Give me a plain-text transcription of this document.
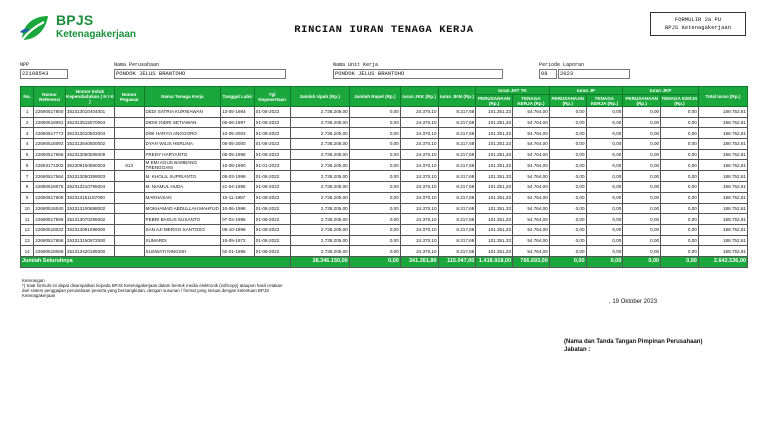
BPJS
Ketenagakerjaan	RINCIAN IURAN TENAGA KERJA
FORMULIR 2a PU
BPJS Ketenagakerjaan
NPP
22108543
Nama Perusahaan
PONDOK JELUS BRANTOHO
Nama Unit Kerja
PONDOK JELUS BRANTOHO
Periode Laporan
08	2023
No.	Nomor Referensi	Nomor Induk Kependudukan ( N I K )	Nomor Pegawai	Nama Tenaga Kerja	Tanggal Lahir	Tgl Kepesertaan	Jumlah Upah (Rp.)	Jumlah Rapel (Rp.)	Iuran JKK (Rp.)	Iuran JKM (Rp.)	Iuran JHT TK		Iuran JP		Iuran JKP		Total Iuran (Rp.)
											PERUSAHAAN (Rp.)	TENAGA KERJA (Rp.)	PERUSAHAAN (Rp.)	TENAGA KERJA (Rp.)	PERUSAHAAN (Rp.)	TENAGA KERJA (Rp.)	
1	22690517800	352313010404001		DEDI SATRIA KURNIAWAN	13-05-1984	01-08-2022	2.738.205,00	0,00	24.370,10	8.217,68	101.351,33	54.764,00	0,00	0,00	0,00	0,00	188.752,61
2	22690518091	352313515070004		DIDIK INDRI SETIAWAN	05-06-1997	01-08-2022	2.738.205,00	0,00	24.370,10	8.217,68	101.351,33	54.764,00	0,00	0,00	0,00	0,00	188.752,61
3	22690517773	352313010503004		DWI HARYO ANGGORO	10-05-2003	01-08-2022	2.738.205,00	0,00	24.370,10	8.217,68	101.351,33	54.764,00	0,00	0,00	0,00	0,00	188.752,61
4	22690518092	352313640500002		DYAH WILIS HERLINA	05-05-2000	01-08-2022	2.738.205,00	0,00	24.370,10	8.217,68	101.351,33	54.764,00	0,00	0,00	0,00	0,00	188.752,61
5	22690517656	352313050595009		FREDY HARYANTO	05-05-1995	01-08-2022	2.738.205,00	0,00	24.370,10	8.217,68	101.351,33	54.764,00	0,00	0,00	0,00	0,00	188.752,61
6	22693171002	352309150890003	013	M EMI AGUS BAMBANG TRENGGANI	15-08-1990	01-01-2023	2.738.205,00	0,00	24.370,10	8.217,68	101.351,33	54.764,00	0,00	0,00	0,00	0,00	188.752,61
7	22690517584	352313050399003		M. KHOLIL SUPRIANTO	05-03-1999	01-08-2022	2.738.205,00	0,00	24.370,10	8.217,68	101.351,33	54.764,00	0,00	0,00	0,00	0,00	188.752,61
8	22690518075	352313210795004		M. NIAMUL HUDA	21-04-1995	01-08-2022	2.738.205,00	0,00	24.370,10	8.217,68	101.351,33	54.764,00	0,00	0,00	0,00	0,00	188.752,61
9	22690517608	352313151187000		MARHASAN	15-11-1987	01-08-2022	2.738.205,00	0,00	24.370,10	8.217,68	101.351,33	54.764,00	0,00	0,00	0,00	0,00	188.752,61
10	22690518040	352313100698002		MOKHAMAD ABDULLAH MAHFUD	10-06-1998	01-08-2022	2.738.205,00	0,00	24.370,10	8.217,68	101.351,33	54.764,00	0,00	0,00	0,00	0,00	188.752,61
11	22690517599	352313070295002		PEBRI BAGUS SUSANTO	07-02-1995	01-08-2022	2.738.205,00	0,00	24.370,10	8.217,68	101.351,33	54.764,00	0,00	0,00	0,00	0,00	188.752,61
12	22690518032	352313091098000		SAN AJI MERGO SANTOSO	09-10-1998	01-08-2022	2.738.205,00	0,00	24.370,10	8.217,68	101.351,33	54.764,00	0,00	0,00	0,00	0,00	188.752,61
13	22690517658	352313150972000		SUMARDI	15-09-1972	01-08-2022	2.738.205,00	0,00	24.370,10	8.217,68	101.351,33	54.764,00	0,00	0,00	0,00	0,00	188.752,61
14	22690518068	352313420195000		SUSWATI NINGSIH	02-01-1995	01-08-2022	2.738.205,00	0,00	24.370,10	8.217,68	101.351,33	54.764,00	0,00	0,00	0,00	0,00	188.752,61
Jumlah Seluruhnya							38.346.150,00	0,00	341.261,80	115.047,00	1.418.918,00	766.693,00	0,00	0,00	0,00	0,00	2.642.536,00
Keterangan
*) Saat formulir ini dapat disampaikan kepada BPJS Ketenagakerjaan dalam bentuk media elektronik (softcopy) ataupun hasil cetakan
dari sistem penggajian perusahaan peserta yang bersangkutan, dengan susunan / format yang sesuai dengan ketentuan BPJS
Ketenagakerjaan
, 19 Oktober 2023
(Nama dan Tanda Tangan Pimpinan Perusahaan)
Jabatan :
